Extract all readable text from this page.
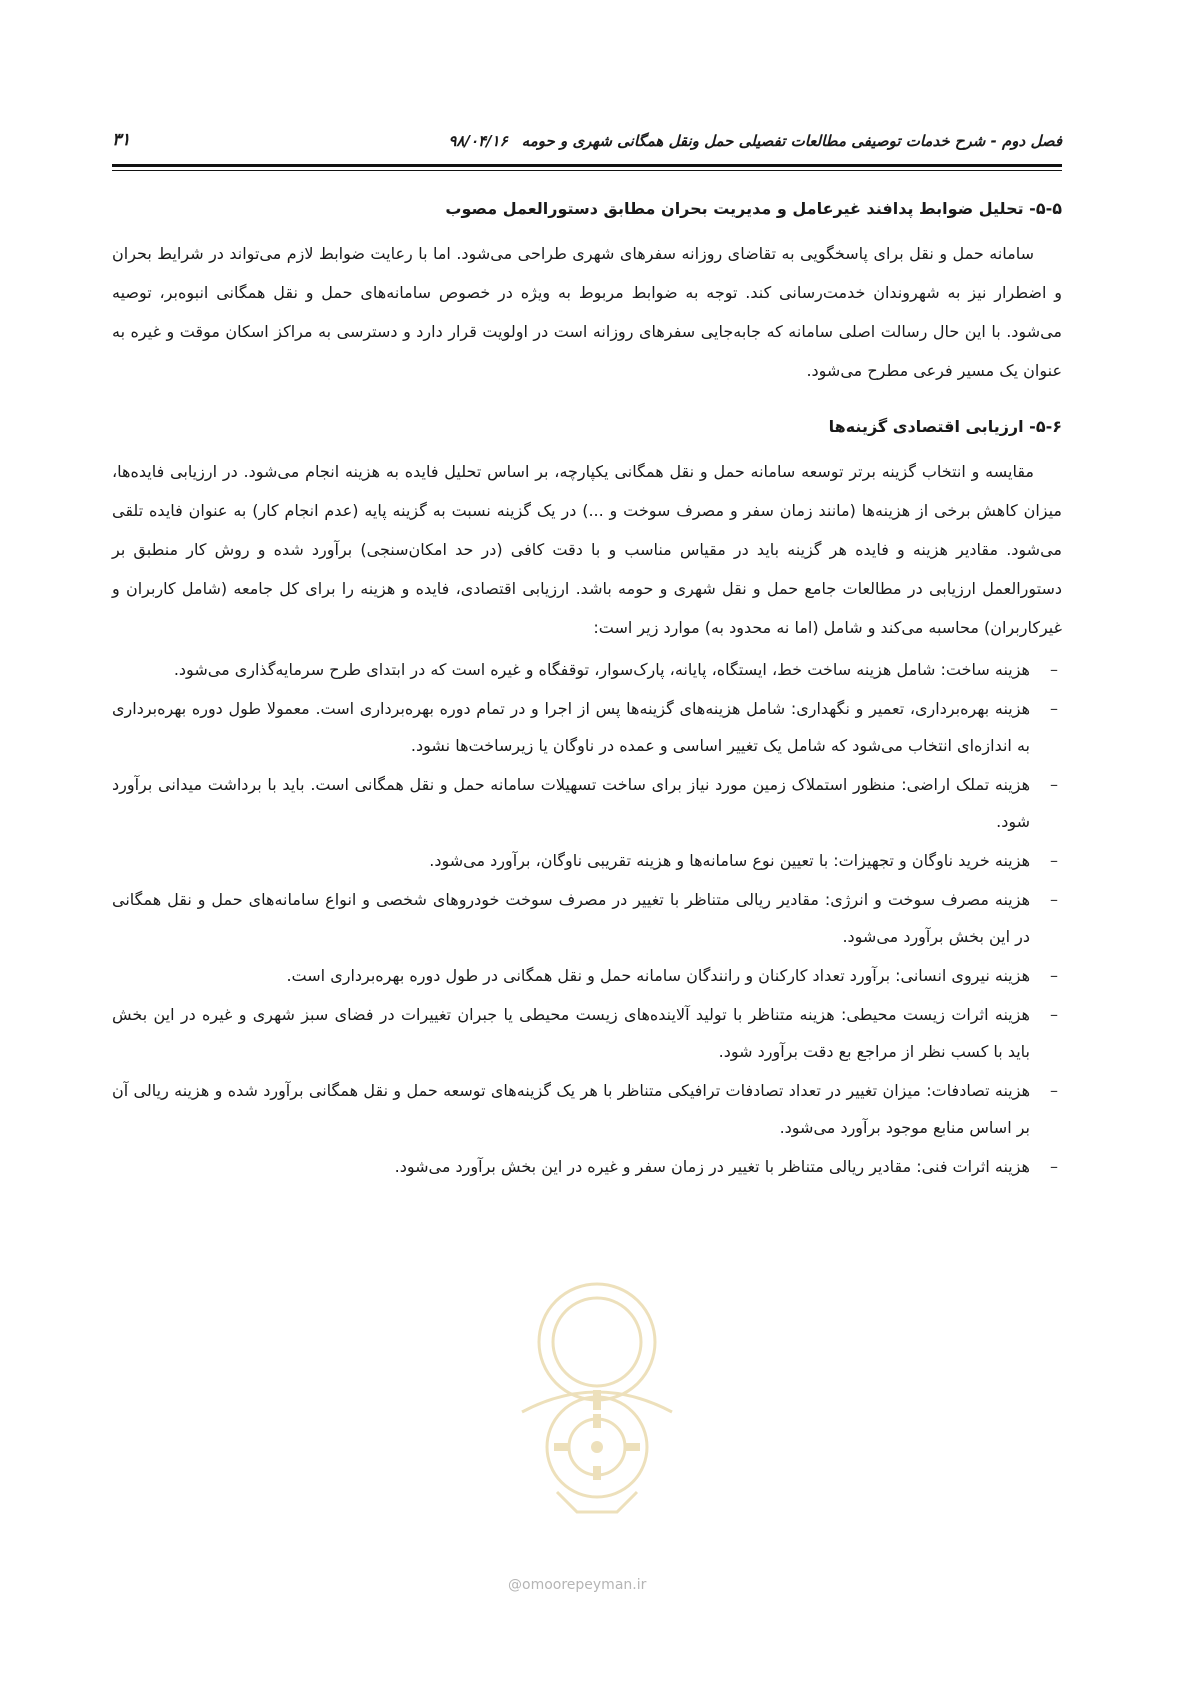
فصل دوم - شرح خدمات توصیفی مطالعات تفصیلی حمل ونقل همگانی شهری و حومه۹۸/۰۴/۱۶
۳۱
۵-۵- تحلیل ضوابط پدافند غیرعامل و مدیریت بحران مطابق دستورالعمل مصوب

سامانه حمل و نقل برای پاسخگویی به تقاضای روزانه سفرهای شهری طراحی می‌شود. اما با رعایت ضوابط لازم می‌تواند در شرایط بحران و اضطرار نیز به شهروندان خدمت‌رسانی کند. توجه به ضوابط مربوط به ویژه در خصوص سامانه‌های حمل و نقل همگانی انبوه‌بر، توصیه می‌شود. با این حال رسالت اصلی سامانه که جابه‌جایی سفرهای روزانه است در اولویت قرار دارد و دسترسی به مراکز اسکان موقت و غیره به عنوان یک مسیر فرعی مطرح می‌شود.

۵-۶- ارزیابی اقتصادی گزینه‌ها

مقایسه و انتخاب گزینه برتر توسعه سامانه حمل و نقل همگانی یکپارچه، بر اساس تحلیل فایده به هزینه انجام می‌شود. در ارزیابی فایده‌ها، میزان کاهش برخی از هزینه‌ها (مانند زمان سفر و مصرف سوخت و ...) در یک گزینه نسبت به گزینه پایه (عدم انجام کار) به عنوان فایده تلقی می‌شود. مقادیر هزینه و فایده هر گزینه باید در مقیاس مناسب و با دقت کافی (در حد امکان‌سنجی) برآورد شده و روش کار منطبق بر دستورالعمل ارزیابی در مطالعات جامع حمل و نقل شهری و حومه باشد. ارزیابی اقتصادی، فایده و هزینه را برای کل جامعه (شامل کاربران و غیرکاربران) محاسبه می‌کند و شامل (اما نه محدود به) موارد زیر است:

–
هزینه ساخت: شامل هزینه ساخت خط، ایستگاه، پایانه، پارک‌سوار، توقفگاه و غیره است که در ابتدای طرح سرمایه‌گذاری می‌شود.
–
هزینه بهره‌برداری، تعمیر و نگهداری: شامل هزینه‌های گزینه‌ها پس از اجرا و در تمام دوره بهره‌برداری است. معمولا طول دوره بهره‌برداری به اندازه‌ای انتخاب می‌شود که شامل یک تغییر اساسی و عمده در ناوگان یا زیرساخت‌ها نشود.
–
هزینه تملک اراضی: منظور استملاک زمین مورد نیاز برای ساخت تسهیلات سامانه حمل و نقل همگانی است. باید با برداشت میدانی برآورد شود.
–
هزینه خرید ناوگان و تجهیزات: با تعیین نوع سامانه‌ها و هزینه تقریبی ناوگان، برآورد می‌شود.
–
هزینه مصرف سوخت و انرژی: مقادیر ریالی متناظر با تغییر در مصرف سوخت خودروهای شخصی و انواع سامانه‌های حمل و نقل همگانی در این بخش برآورد می‌شود.
–
هزینه نیروی انسانی: برآورد تعداد کارکنان و رانندگان سامانه حمل و نقل همگانی در طول دوره بهره‌برداری است.
–
هزینه اثرات زیست محیطی: هزینه متناظر با تولید آلاینده‌های زیست محیطی یا جبران تغییرات در فضای سبز شهری و غیره در این بخش باید با کسب نظر از مراجع بع دقت برآورد شود.
–
هزینه تصادفات: میزان تغییر در تعداد تصادفات ترافیکی متناظر با هر یک گزینه‌های توسعه حمل و نقل همگانی برآورد شده و هزینه ریالی آن بر اساس منابع موجود برآورد می‌شود.
–
هزینه اثرات فنی: مقادیر ریالی متناظر با تغییر در زمان سفر و غیره در این بخش برآورد می‌شود.
@omoorepeyman.ir
